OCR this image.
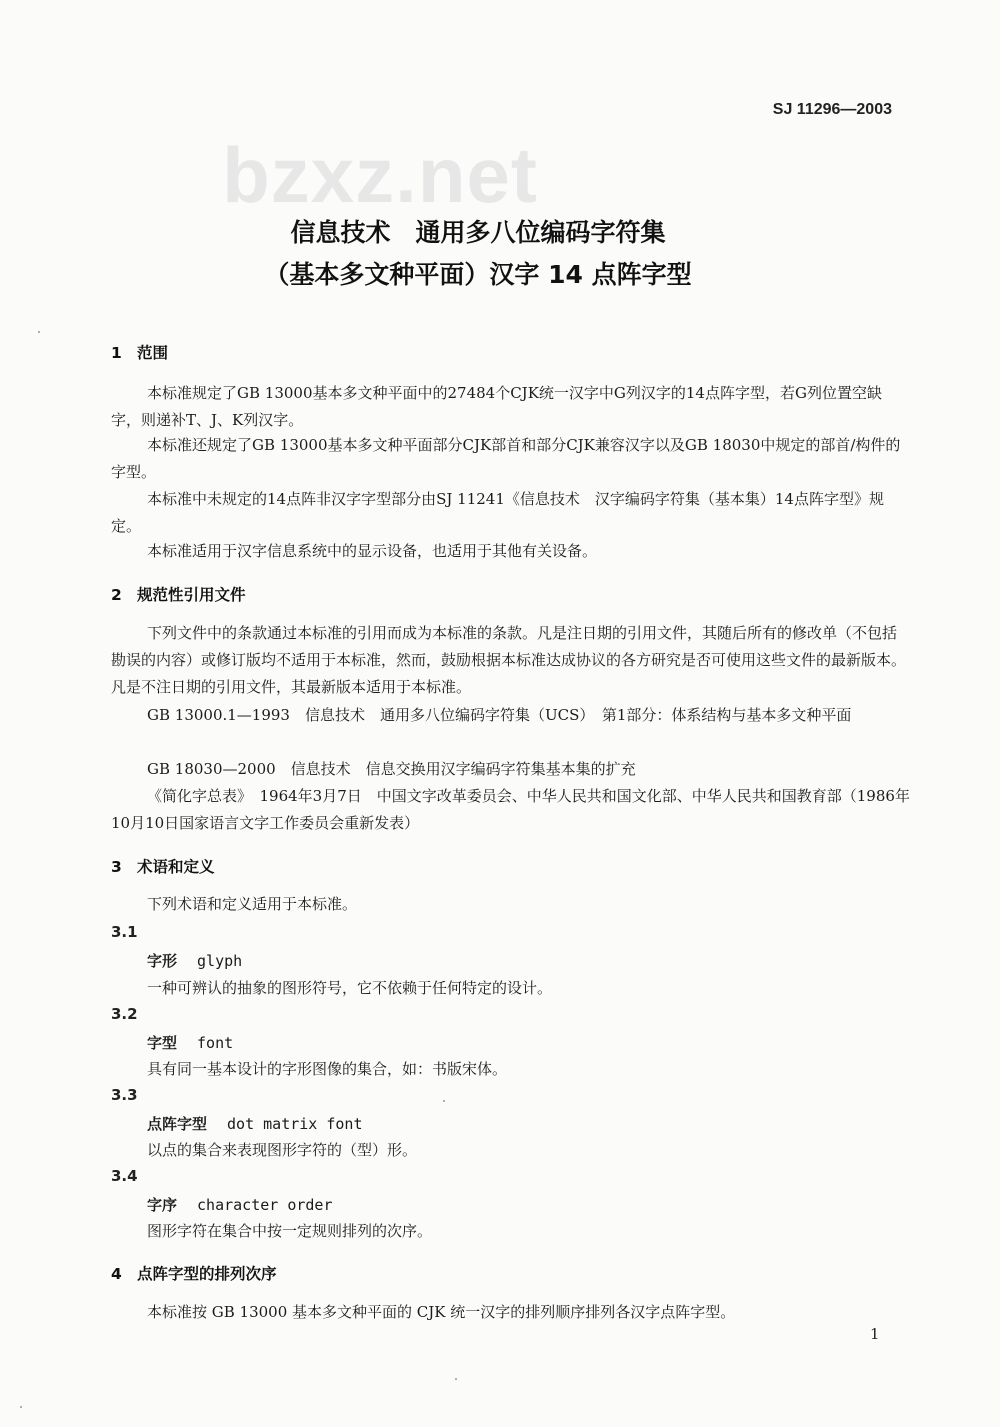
SJ 11296—2003
bzxz.net
信息技术　通用多八位编码字符集
（基本多文种平面）汉字 14 点阵字型
1 范围
本标准规定了GB 13000基本多文种平面中的27484个CJK统一汉字中G列汉字的14点阵字型，若G列位置空缺字，则递补T、J、K列汉字。
本标准还规定了GB 13000基本多文种平面部分CJK部首和部分CJK兼容汉字以及GB 18030中规定的部首/构件的字型。
本标准中未规定的14点阵非汉字字型部分由SJ 11241《信息技术　汉字编码字符集（基本集）14点阵字型》规定。
本标准适用于汉字信息系统中的显示设备，也适用于其他有关设备。
2 规范性引用文件
下列文件中的条款通过本标准的引用而成为本标准的条款。凡是注日期的引用文件，其随后所有的修改单（不包括勘误的内容）或修订版均不适用于本标准，然而，鼓励根据本标准达成协议的各方研究是否可使用这些文件的最新版本。凡是不注日期的引用文件，其最新版本适用于本标准。
GB 13000.1—1993　信息技术　通用多八位编码字符集（UCS）　第1部分：体系结构与基本多文种平面
GB 18030—2000　信息技术　信息交换用汉字编码字符集基本集的扩充
《简化字总表》　1964年3月7日　中国文字改革委员会、中华人民共和国文化部、中华人民共和国教育部（1986年10月10日国家语言文字工作委员会重新发表）
3 术语和定义
下列术语和定义适用于本标准。
3.1
字形 glyph
一种可辨认的抽象的图形符号，它不依赖于任何特定的设计。
3.2
字型 font
具有同一基本设计的字形图像的集合，如：书版宋体。
3.3
点阵字型 dot matrix font
以点的集合来表现图形字符的（型）形。
3.4
字序 character order
图形字符在集合中按一定规则排列的次序。
4 点阵字型的排列次序
本标准按 GB 13000 基本多文种平面的 CJK 统一汉字的排列顺序排列各汉字点阵字型。
1
